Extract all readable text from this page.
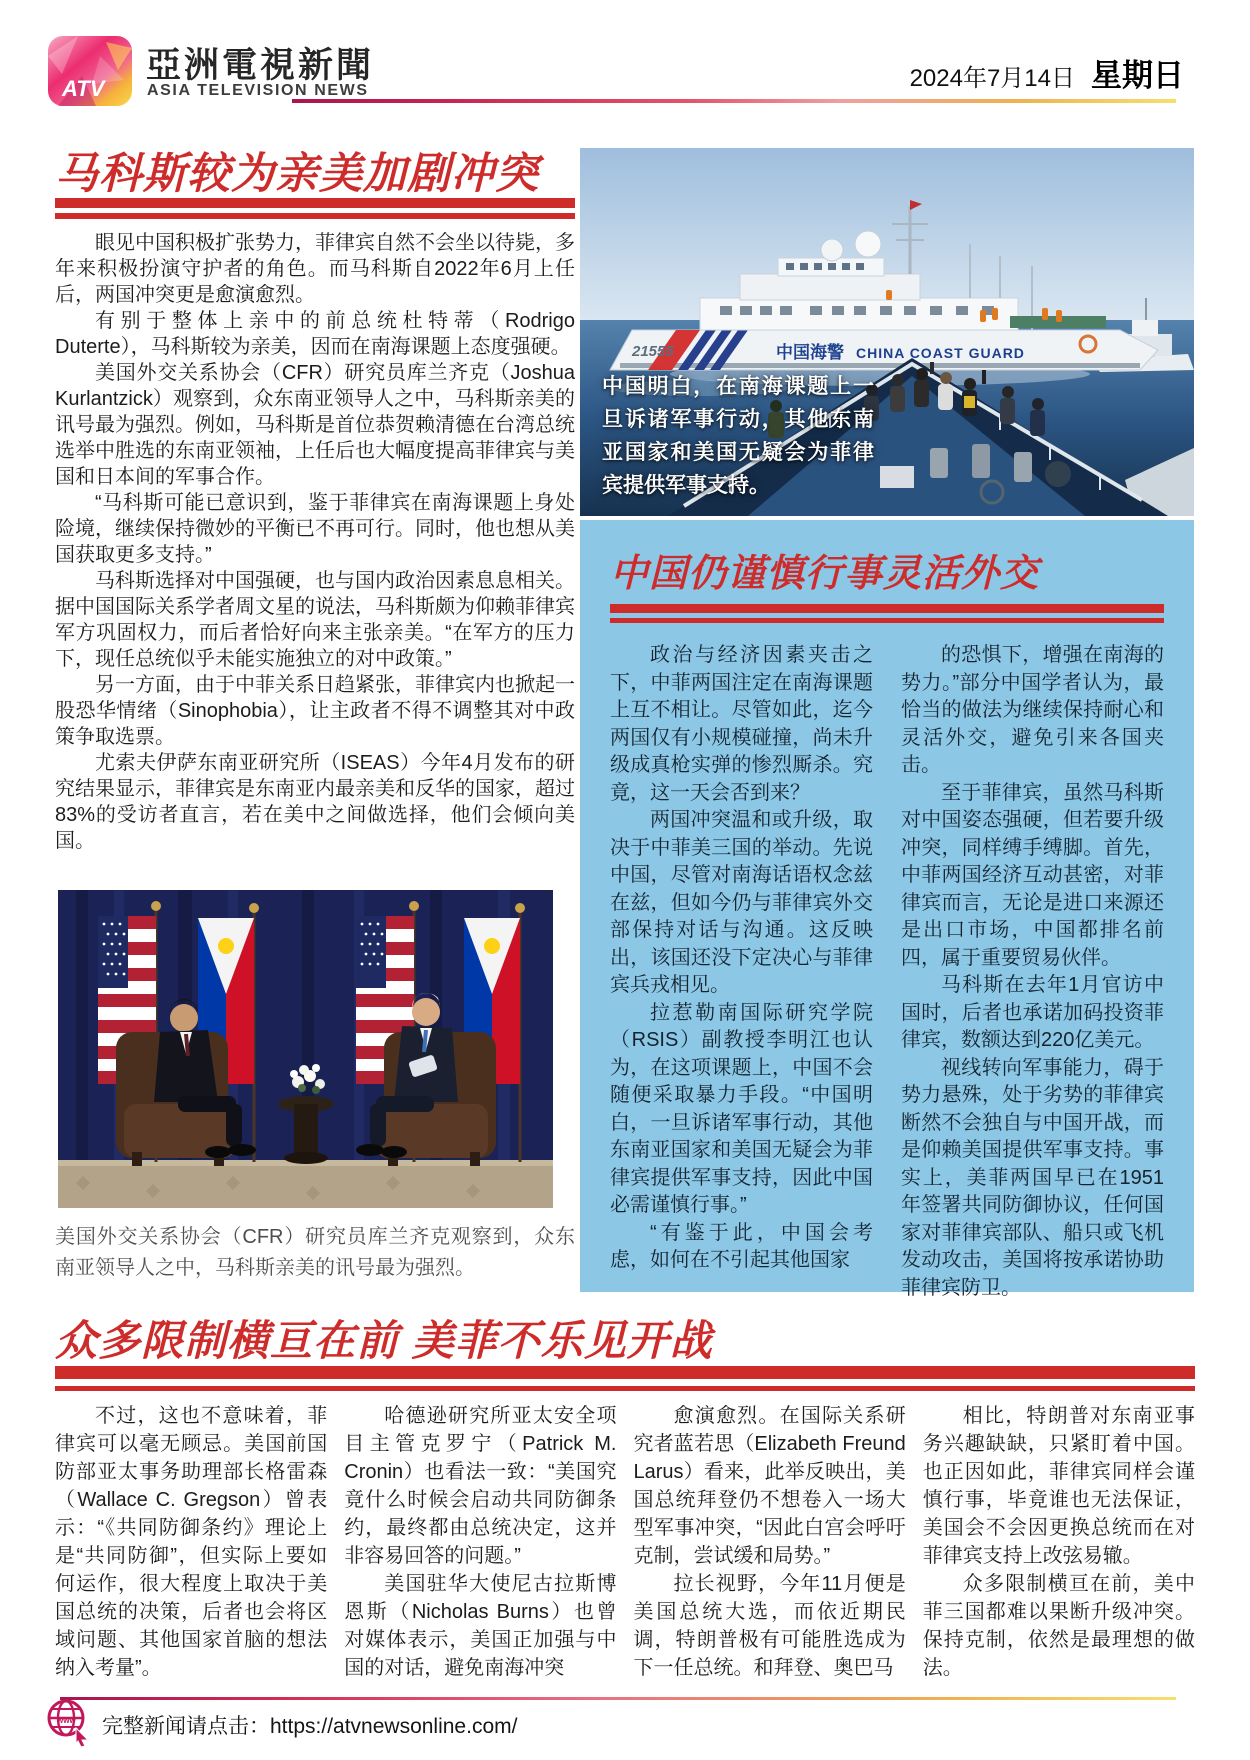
ATV
亞洲電視新聞
ASIA TELEVISION NEWS	2024年7月14日 星期日
马科斯较为亲美加剧冲突

眼见中国积极扩张势力，菲律宾自然不会坐以待毙，多年来积极扮演守护者的角色。而马科斯自2022年6月上任后，两国冲突更是愈演愈烈。

有别于整体上亲中的前总统杜特蒂（Rodrigo Duterte），马科斯较为亲美，因而在南海课题上态度强硬。

美国外交关系协会（CFR）研究员库兰齐克（Joshua Kurlantzick）观察到，众东南亚领导人之中，马科斯亲美的讯号最为强烈。例如，马科斯是首位恭贺赖清德在台湾总统选举中胜选的东南亚领袖，上任后也大幅度提高菲律宾与美国和日本间的军事合作。

“马科斯可能已意识到，鉴于菲律宾在南海课题上身处险境，继续保持微妙的平衡已不再可行。同时，他也想从美国获取更多支持。”

马科斯选择对中国强硬，也与国内政治因素息息相关。据中国国际关系学者周文星的说法，马科斯颇为仰赖菲律宾军方巩固权力，而后者恰好向来主张亲美。“在军方的压力下，现任总统似乎未能实施独立的对中政策。”

另一方面，由于中菲关系日趋紧张，菲律宾内也掀起一股恐华情绪（Sinophobia），让主政者不得不调整其对中政策争取选票。

尤索夫伊萨东南亚研究所（ISEAS）今年4月发布的研究结果显示，菲律宾是东南亚内最亲美和反华的国家，超过83%的受访者直言，若在美中之间做选择，他们会倾向美国。

21555	中国海警 CHINA COAST GUARD
中国明白，在南海课题上一旦诉诸军事行动，其他东南亚国家和美国无疑会为菲律宾提供军事支持。
中国仍谨慎行事灵活外交

政治与经济因素夹击之下，中菲两国注定在南海课题上互不相让。尽管如此，迄今两国仅有小规模碰撞，尚未升级成真枪实弹的惨烈厮杀。究竟，这一天会否到来？

两国冲突温和或升级，取决于中菲美三国的举动。先说中国，尽管对南海话语权念兹在兹，但如今仍与菲律宾外交部保持对话与沟通。这反映出，该国还没下定决心与菲律宾兵戎相见。

拉惹勒南国际研究学院（RSIS）副教授李明江也认为，在这项课题上，中国不会随便采取暴力手段。“中国明白，一旦诉诸军事行动，其他东南亚国家和美国无疑会为菲律宾提供军事支持，因此中国必需谨慎行事。”

“有鉴于此，中国会考虑，如何在不引起其他国家

的恐惧下，增强在南海的势力。”部分中国学者认为，最恰当的做法为继续保持耐心和灵活外交，避免引来各国夹击。

至于菲律宾，虽然马科斯对中国姿态强硬，但若要升级冲突，同样缚手缚脚。首先，中菲两国经济互动甚密，对菲律宾而言，无论是进口来源还是出口市场，中国都排名前四，属于重要贸易伙伴。

马科斯在去年1月官访中国时，后者也承诺加码投资菲律宾，数额达到220亿美元。

视线转向军事能力，碍于势力悬殊，处于劣势的菲律宾断然不会独自与中国开战，而是仰赖美国提供军事支持。事实上，美菲两国早已在1951年签署共同防御协议，任何国家对菲律宾部队、船只或飞机发动攻击，美国将按承诺协助菲律宾防卫。

美国外交关系协会（CFR）研究员库兰齐克观察到，众东南亚领导人之中，马科斯亲美的讯号最为强烈。
众多限制横亘在前 美菲不乐见开战

不过，这也不意味着，菲律宾可以毫无顾忌。美国前国防部亚太事务助理部长格雷森（Wallace C. Gregson）曾表示：“《共同防御条约》理论上是“共同防御”，但实际上要如何运作，很大程度上取决于美国总统的决策，后者也会将区域问题、其他国家首脑的想法纳入考量”。

哈德逊研究所亚太安全项目主管克罗宁（Patrick M. Cronin）也看法一致：“美国究竟什么时候会启动共同防御条约，最终都由总统决定，这并非容易回答的问题。”

美国驻华大使尼古拉斯博恩斯（Nicholas Burns）也曾对媒体表示，美国正加强与中国的对话，避免南海冲突

愈演愈烈。在国际关系研究者蓝若思（Elizabeth Freund Larus）看来，此举反映出，美国总统拜登仍不想卷入一场大型军事冲突，“因此白宫会呼吁克制，尝试缓和局势。”

拉长视野，今年11月便是美国总统大选，而依近期民调，特朗普极有可能胜选成为下一任总统。和拜登、奥巴马

相比，特朗普对东南亚事务兴趣缺缺，只紧盯着中国。也正因如此，菲律宾同样会谨慎行事，毕竟谁也无法保证，美国会不会因更换总统而在对菲律宾支持上改弦易辙。

众多限制横亘在前，美中菲三国都难以果断升级冲突。保持克制，依然是最理想的做法。

www 完整新闻请点击：https://atvnewsonline.com/
